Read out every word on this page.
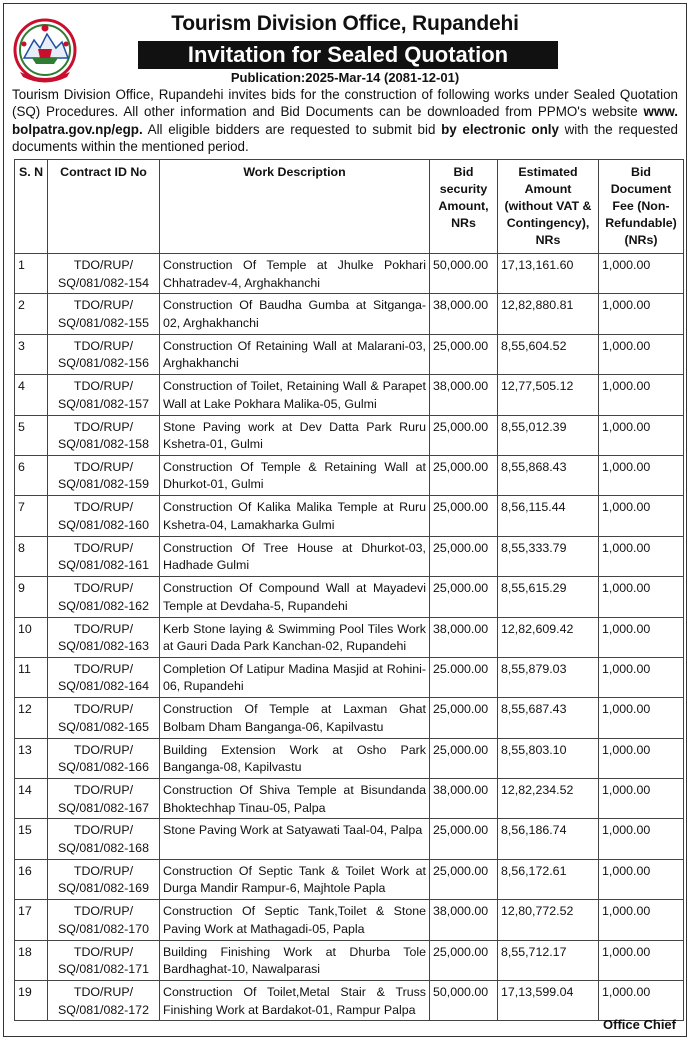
Tourism Division Office, Rupandehi
Invitation for Sealed Quotation
Publication:2025-Mar-14 (2081-12-01)

Tourism Division Office, Rupandehi invites bids for the construction of following works under Sealed Quotation (SQ) Procedures. All other information and Bid Documents can be downloaded from PPMO's website www. bolpatra.gov.np/egp. All eligible bidders are requested to submit bid by electronic only with the requested documents within the mentioned period.

S. N	Contract ID No	Work Description	Bid security Amount, NRs	Estimated Amount (without VAT & Contingency), NRs	Bid Document Fee (Non-Refundable) (NRs)

1	TDO/RUP/
SQ/081/082-154	Construction Of Temple at Jhulke Pokhari Chhatradev-4, Arghakhanchi	50,000.00	17,13,161.60	1,000.00

2	TDO/RUP/
SQ/081/082-155	Construction Of Baudha Gumba at Sitganga-02, Arghakhanchi	38,000.00	12,82,880.81	1,000.00

3	TDO/RUP/
SQ/081/082-156	Construction Of Retaining Wall at Malarani-03, Arghakhanchi	25,000.00	8,55,604.52	1,000.00

4	TDO/RUP/
SQ/081/082-157	Construction of Toilet, Retaining Wall & Parapet Wall at Lake Pokhara Malika-05, Gulmi	38,000.00	12,77,505.12	1,000.00

5	TDO/RUP/
SQ/081/082-158	Stone Paving work at Dev Datta Park Ruru Kshetra-01, Gulmi	25,000.00	8,55,012.39	1,000.00

6	TDO/RUP/
SQ/081/082-159	Construction Of Temple & Retaining Wall at Dhurkot-01, Gulmi	25,000.00	8,55,868.43	1,000.00

7	TDO/RUP/
SQ/081/082-160	Construction Of Kalika Malika Temple at Ruru Kshetra-04, Lamakharka Gulmi	25,000.00	8,56,115.44	1,000.00

8	TDO/RUP/
SQ/081/082-161	Construction Of Tree House at Dhurkot-03, Hadhade Gulmi	25,000.00	8,55,333.79	1,000.00

9	TDO/RUP/
SQ/081/082-162	Construction Of Compound Wall at Mayadevi Temple at Devdaha-5, Rupandehi	25,000.00	8,55,615.29	1,000.00

10	TDO/RUP/
SQ/081/082-163	Kerb Stone laying & Swimming Pool Tiles Work at Gauri Dada Park Kanchan-02, Rupandehi	38,000.00	12,82,609.42	1,000.00

11	TDO/RUP/
SQ/081/082-164	Completion Of Latipur Madina Masjid at Rohini-06, Rupandehi	25.000.00	8,55,879.03	1,000.00

12	TDO/RUP/
SQ/081/082-165	Construction Of Temple at Laxman Ghat Bolbam Dham Banganga-06, Kapilvastu	25,000.00	8,55,687.43	1,000.00

13	TDO/RUP/
SQ/081/082-166	Building Extension Work at Osho Park Banganga-08, Kapilvastu	25,000.00	8,55,803.10	1,000.00

14	TDO/RUP/
SQ/081/082-167	Construction Of Shiva Temple at Bisundanda Bhoktechhap Tinau-05, Palpa	38,000.00	12,82,234.52	1,000.00

15	TDO/RUP/
SQ/081/082-168	Stone Paving Work at Satyawati Taal-04, Palpa	25,000.00	8,56,186.74	1,000.00

16	TDO/RUP/
SQ/081/082-169	Construction Of Septic Tank & Toilet Work at Durga Mandir Rampur-6, Majhtole Papla	25,000.00	8,56,172.61	1,000.00

17	TDO/RUP/
SQ/081/082-170	Construction Of Septic Tank,Toilet & Stone Paving Work at Mathagadi-05, Papla	38,000.00	12,80,772.52	1,000.00

18	TDO/RUP/
SQ/081/082-171	Building Finishing Work at Dhurba Tole Bardhaghat-10, Nawalparasi	25,000.00	8,55,712.17	1,000.00

19	TDO/RUP/
SQ/081/082-172	Construction Of Toilet,Metal Stair & Truss Finishing Work at Bardakot-01, Rampur Palpa	50,000.00	17,13,599.04	1,000.00
Office Chief
